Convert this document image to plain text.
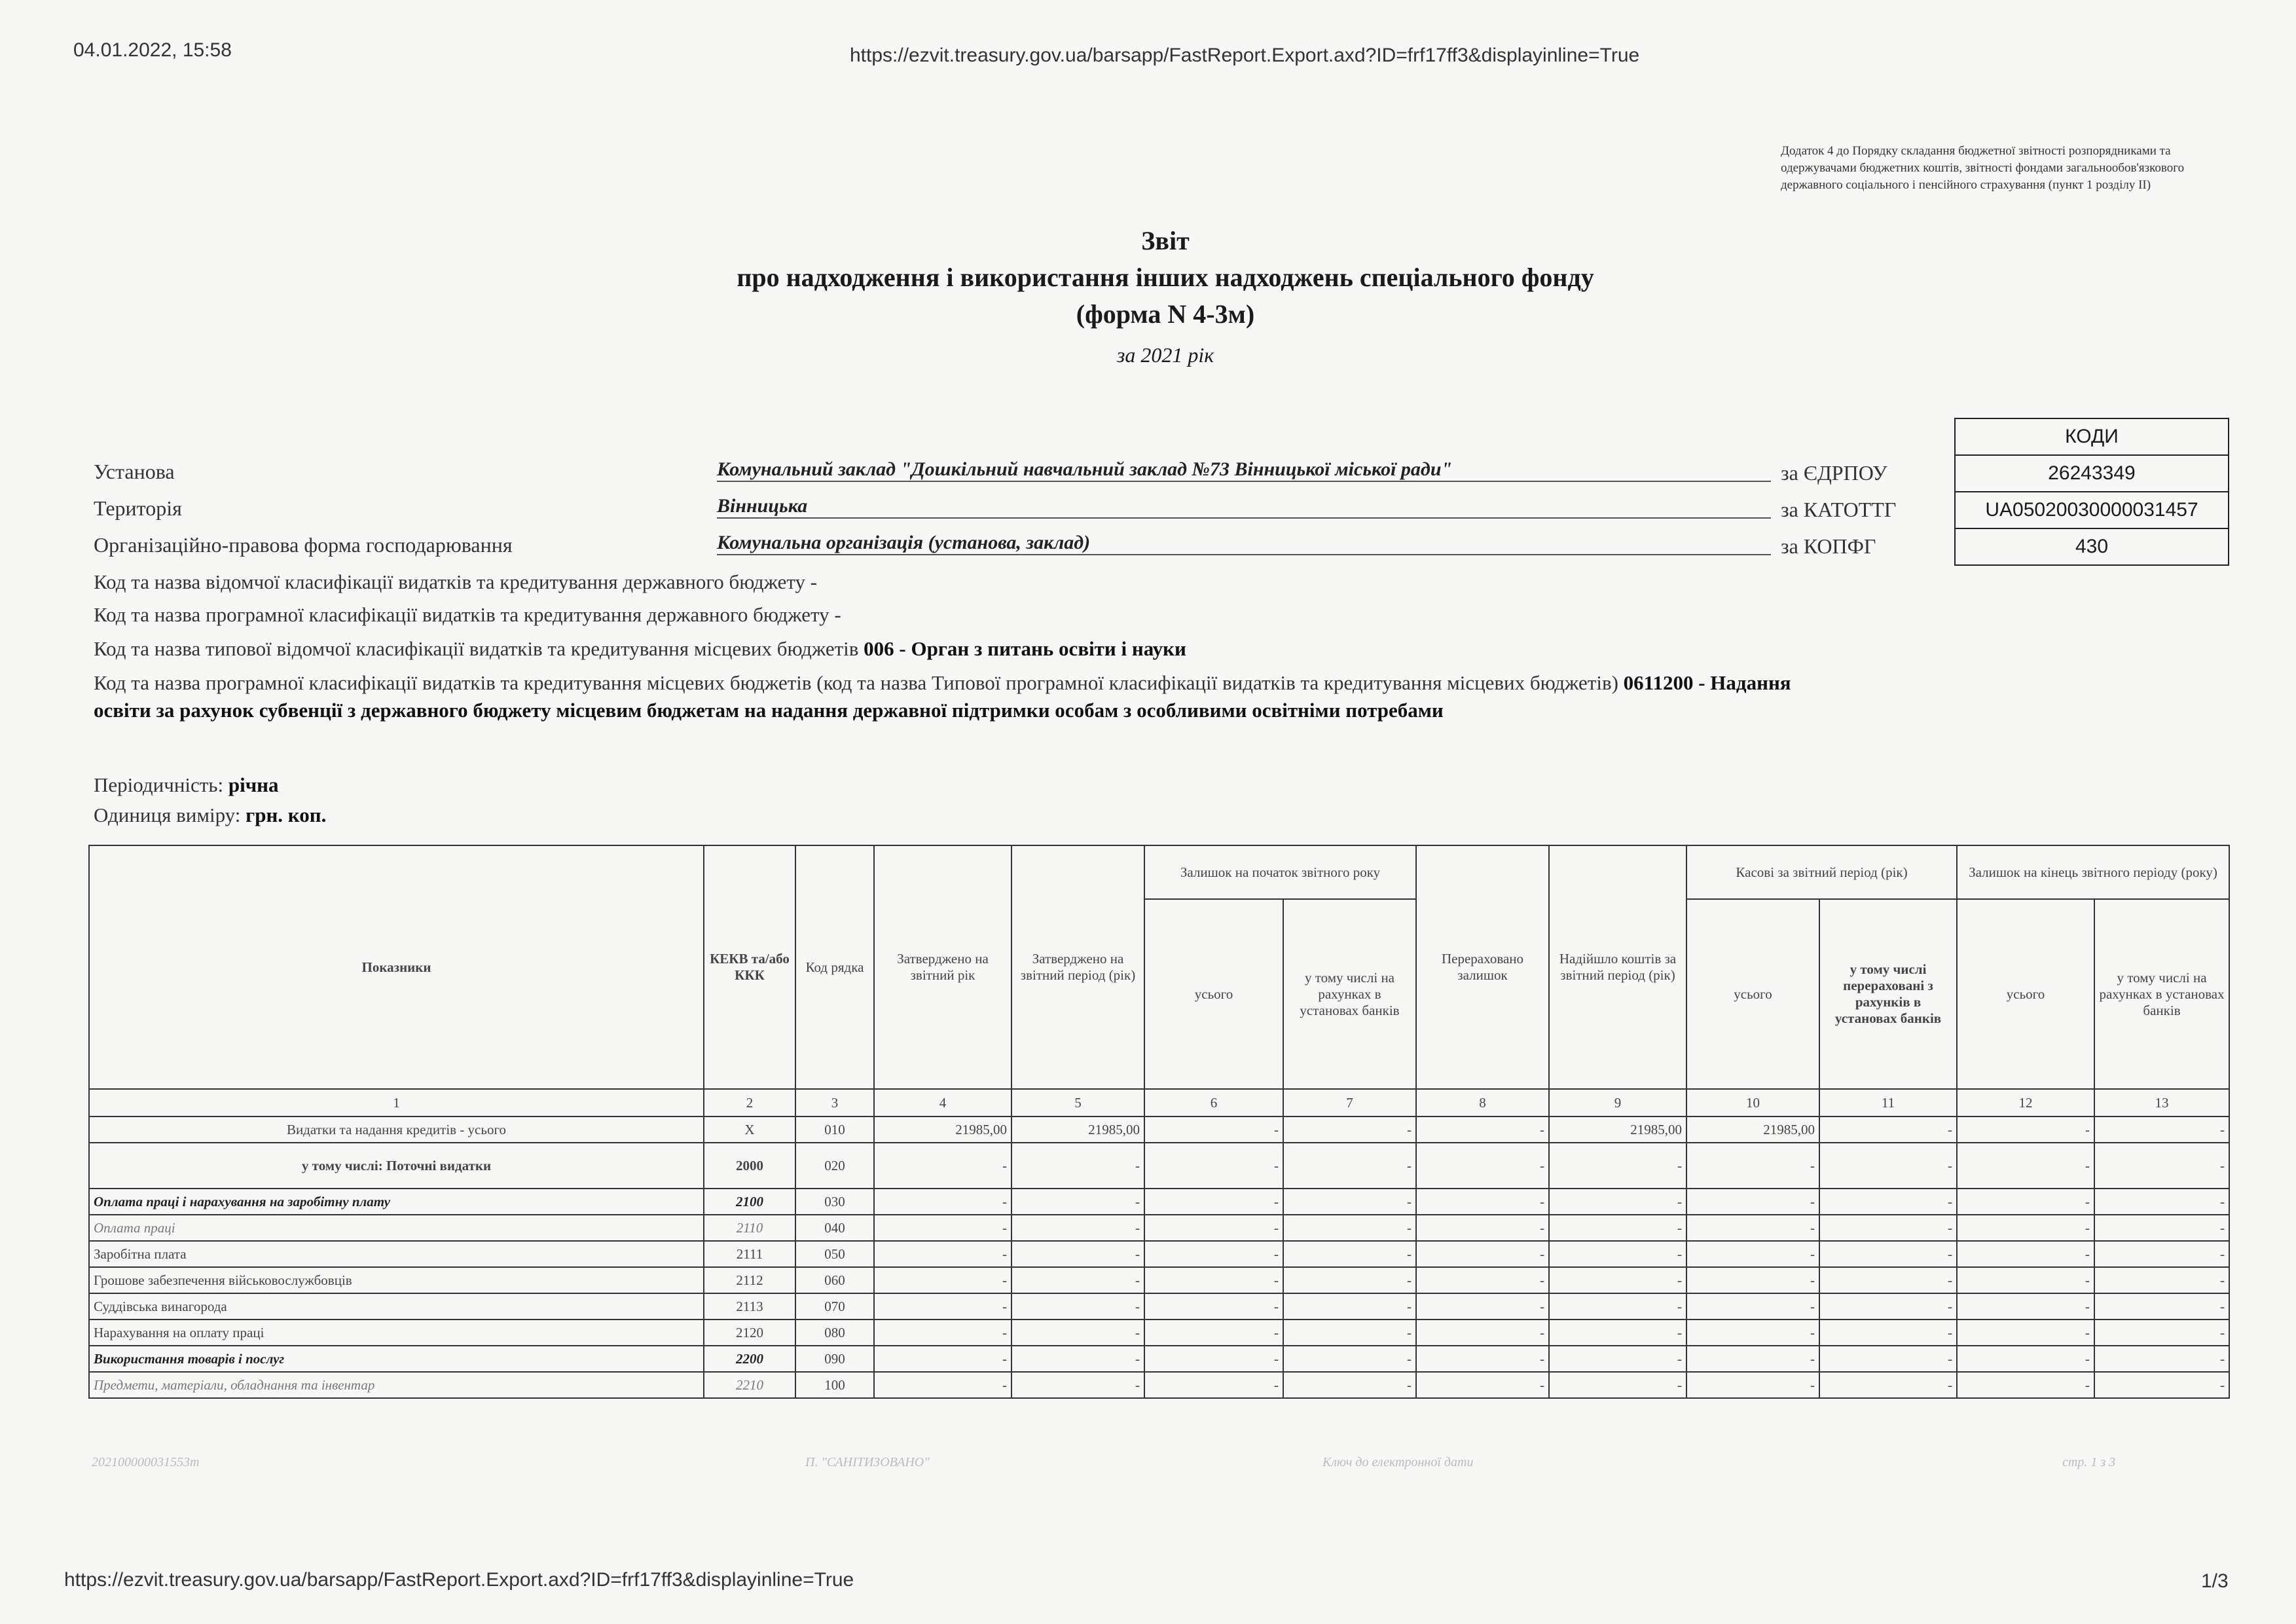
04.01.2022, 15:58	https://ezvit.treasury.gov.ua/barsapp/FastReport.Export.axd?ID=frf17ff3&displayinline=True
Додаток 4 до Порядку складання бюджетної звітності розпорядниками та одержувачами бюджетних коштів, звітності фондами загальнообов'язкового державного соціального і пенсійного страхування (пункт 1 розділу II)
Звіт
про надходження і використання інших надходжень спеціального фонду
(форма N 4-3м)
за 2021 рік
КОДИ
26243349
UA05020030000031457
430
Установа	Комунальний заклад "Дошкільний навчальний заклад №73 Вінницької міської ради"	за ЄДРПОУ
Територія	Вінницька	за КАТОТТГ
Організаційно-правова форма господарювання	Комунальна організація (установа, заклад)	за КОПФГ
Код та назва відомчої класифікації видатків та кредитування державного бюджету -
Код та назва програмної класифікації видатків та кредитування державного бюджету -
Код та назва типової відомчої класифікації видатків та кредитування місцевих бюджетів 006 - Орган з питань освіти і науки
Код та назва програмної класифікації видатків та кредитування місцевих бюджетів (код та назва Типової програмної класифікації видатків та кредитування місцевих бюджетів) 0611200 - Надання освіти за рахунок субвенції з державного бюджету місцевим бюджетам на надання державної підтримки особам з особливими освітніми потребами
Періодичність: річна
Одиниця виміру: грн. коп.
Показники	КЕКВ та/або ККК	Код рядка	Затверджено на звітний рік	Затверджено на звітний період (рік)	Залишок на початок звітного року		Перераховано залишок	Надійшло коштів за звітний період (рік)	Касові за звітний період (рік)		Залишок на кінець звітного періоду (року)	
					усього	у тому числі на рахунках в установах банків			усього	у тому числі перераховані з рахунків в установах банків	усього	у тому числі на рахунках в установах банків
1	2	3	4	5	6	7	8	9	10	11	12	13
Видатки та надання кредитів - усього	X	010	21985,00	21985,00	-	-	-	21985,00	21985,00	-	-	-
у тому числі: Поточні видатки	2000	020	-	-	-	-	-	-	-	-	-	-
Оплата праці і нарахування на заробітну плату	2100	030	-	-	-	-	-	-	-	-	-	-
Оплата праці	2110	040	-	-	-	-	-	-	-	-	-	-
Заробітна плата	2111	050	-	-	-	-	-	-	-	-	-	-
Грошове забезпечення військовослужбовців	2112	060	-	-	-	-	-	-	-	-	-	-
Суддівська винагорода	2113	070	-	-	-	-	-	-	-	-	-	-
Нарахування на оплату праці	2120	080	-	-	-	-	-	-	-	-	-	-
Використання товарів і послуг	2200	090	-	-	-	-	-	-	-	-	-	-
Предмети, матеріали, обладнання та інвентар	2210	100	-	-	-	-	-	-	-	-	-	-
202100000031553m	П. "САНІТИЗОВАНО"	Ключ до електронної дати	стр. 1 з 3
https://ezvit.treasury.gov.ua/barsapp/FastReport.Export.axd?ID=frf17ff3&displayinline=True	1/3
